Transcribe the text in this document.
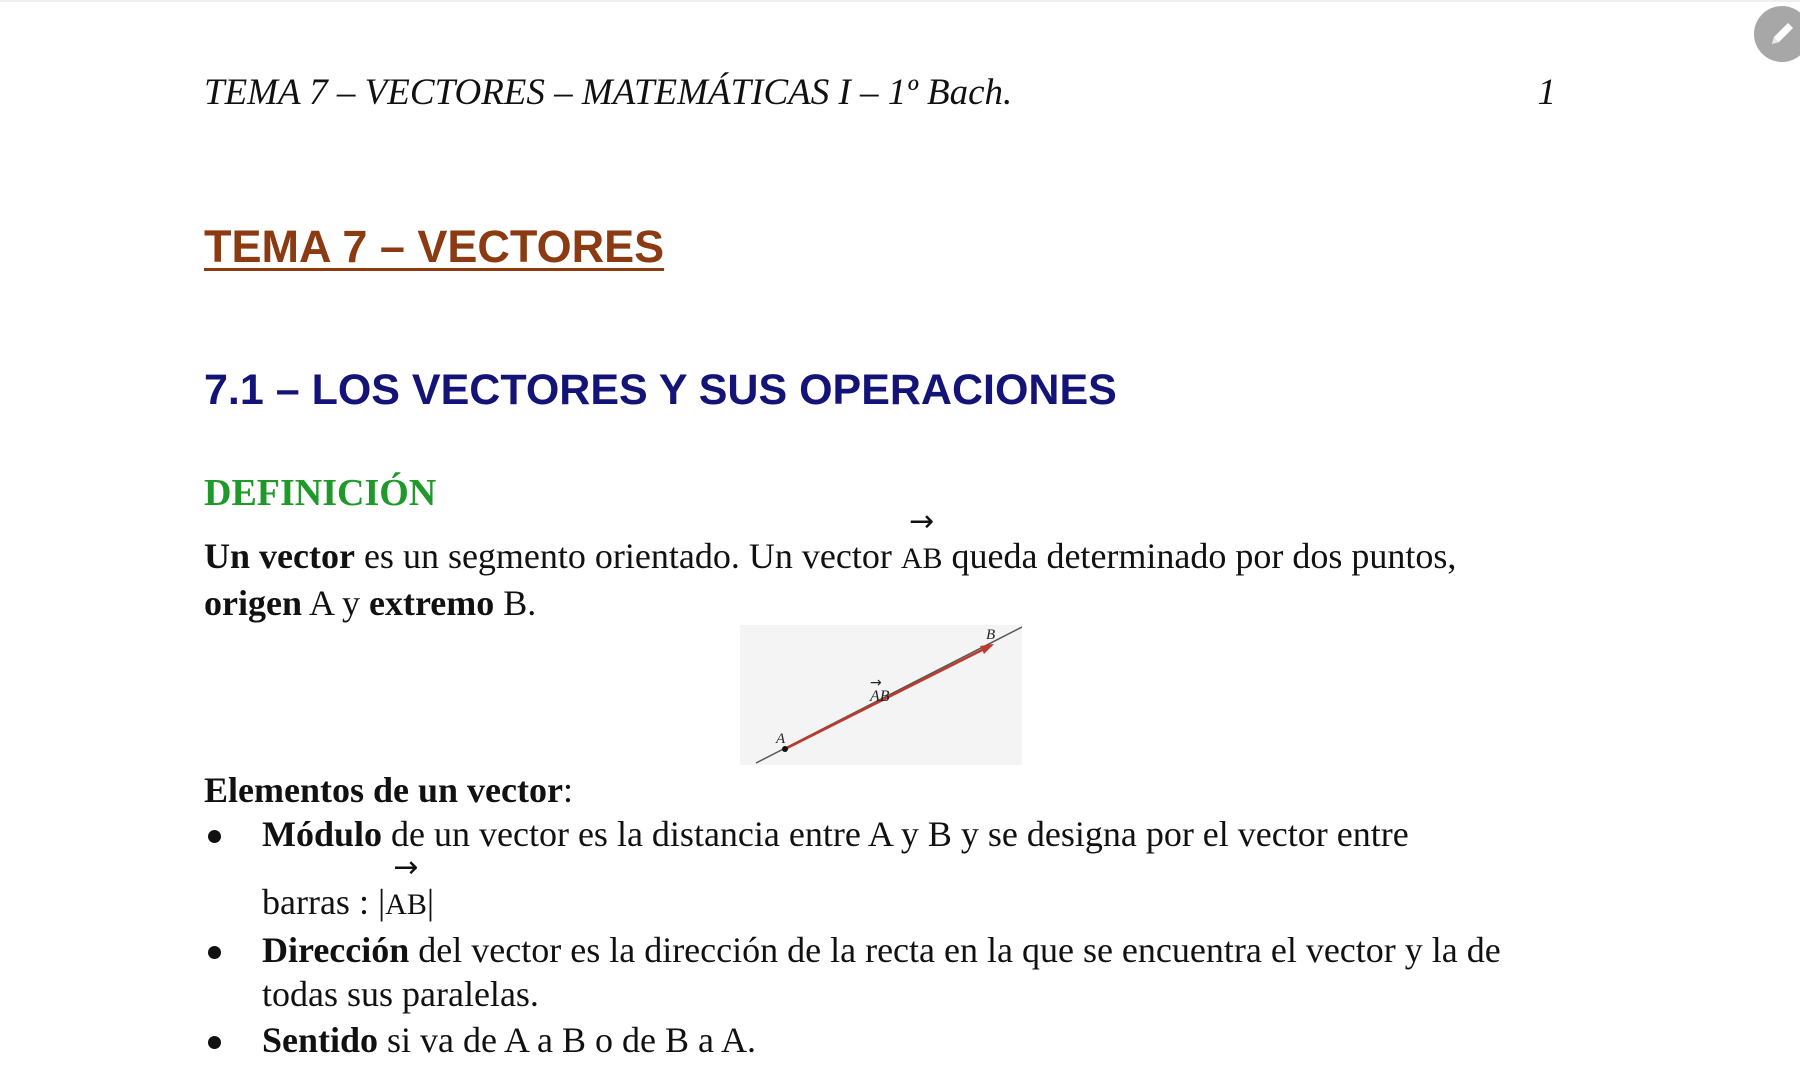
TEMA 7 – VECTORES – MATEMÁTICAS I – 1º Bach.	1
TEMA 7 – VECTORES
7.1 – LOS VECTORES Y SUS OPERACIONES
DEFINICIÓN
Un vector es un segmento orientado. Un vector
→
AB queda determinado por dos puntos,
origen A y extremo B.
A
B
→
AB
Elementos de un vector:
Módulo de un vector es la distancia entre A y B y se designa por el vector entre
barras : |
→
AB|
Dirección del vector es la dirección de la recta en la que se encuentra el vector y la de todas sus paralelas.
Sentido si va de A a B o de B a A.
